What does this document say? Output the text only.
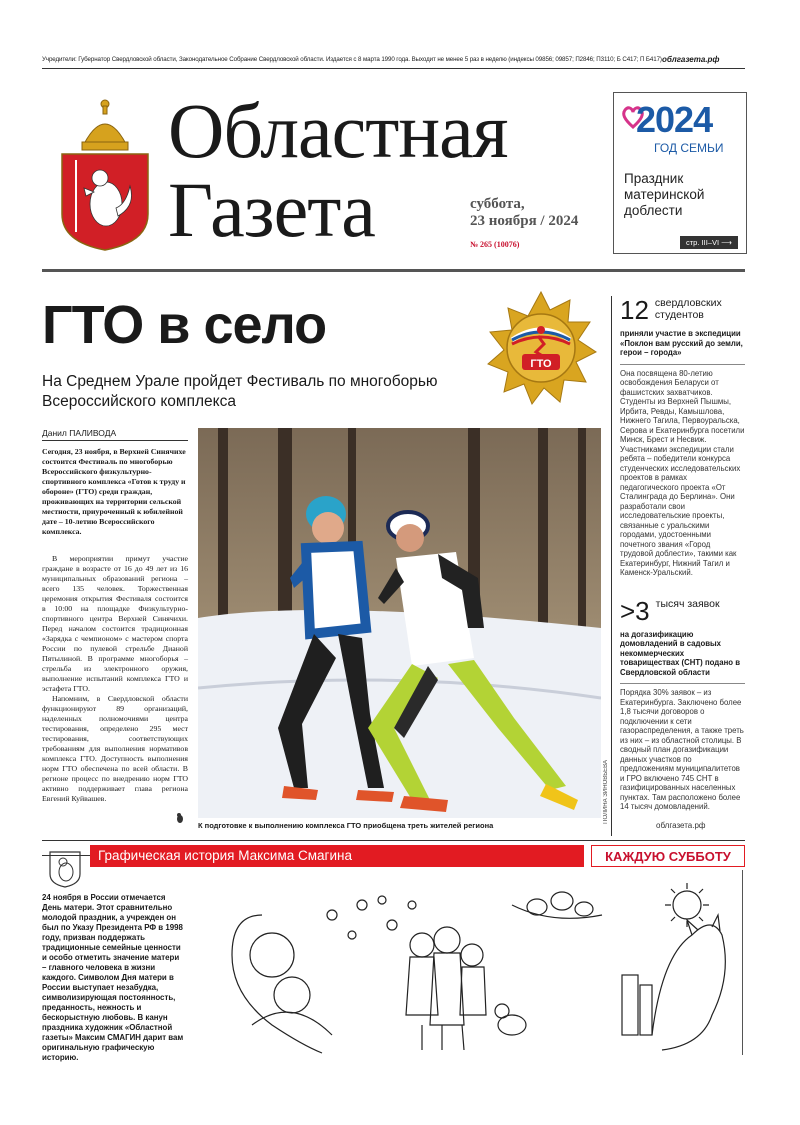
Учредители: Губернатор Свердловской области, Законодательное Собрание Свердловской области. Издается с 8 марта 1990 года. Выходит не менее 5 раз в неделю (индексы 09856; 09857; П2846; П3110; Б С417; П Б417) облгазета.рф
Областная
Газета	суббота,
23 ноября / 2024
№ 265 (10076)
2024
ГОД СЕМЬИ
Праздник
материнской
доблести
стр. III–VI ⟶
ГТО в село
На Среднем Урале пройдет Фестиваль по многоборью Всероссийского комплекса
ГТО
Данил ПАЛИВОДА
Сегодня, 23 ноября, в Верхней Синячихе состоится Фестиваль по многоборью Всероссийского физкультурно-спортивного комплекса «Готов к труду и обороне» (ГТО) среди граждан, проживающих на территории сельской местности, приуроченный к юбилейной дате – 10-летию Всероссийского комплекса.

В мероприятии примут участие граждане в возрасте от 16 до 49 лет из 16 муниципальных образований региона – всего 135 человек. Торжественная церемония открытия Фестиваля состоится в 10:00 на площадке Физкультурно-спортивного центра Верхней Синячихи. Перед началом состоится традиционная «Зарядка с чемпионом» с мастером спорта России по пулевой стрельбе Дианой Пятылиной. В программе многоборья – стрельба из электронного оружия, выполнение испытаний комплекса ГТО и эстафета ГТО.

Напомним, в Свердловской области функционируют 89 организаций, наделенных полномочиями центра тестирования, определено 295 мест тестирования, соответствующих требованиям для выполнения нормативов комплекса ГТО. Доступность выполнения норм ГТО обеспечена по всей области. В регионе процесс по внедрению норм ГТО активно поддерживает глава региона Евгений Куйвашев.	ПОЛИНА ЗИНОВЬЕВА
К подготовке к выполнению комплекса ГТО приобщена треть жителей региона
12 свердловских студентов
приняли участие в экспедиции «Поклон вам русский до земли, герои – города»
Она посвящена 80-летию освобождения Беларуси от фашистских захватчиков. Студенты из Верхней Пышмы, Ирбита, Ревды, Камышлова, Нижнего Тагила, Первоуральска, Серова и Екатеринбурга посетили Минск, Брест и Несвиж. Участниками экспедиции стали ребята – победители конкурса студенческих исследовательских проектов в рамках педагогического проекта «От Сталинграда до Берлина». Они разработали свои исследовательские проекты, связанные с уральскими городами, удостоенными почетного звания «Город трудовой доблести», такими как Екатеринбург, Нижний Тагил и Каменск-Уральский.
>3 тысяч заявок
на догазификацию домовладений в садовых некоммерческих товариществах (СНТ) подано в Свердловской области
Порядка 30% заявок – из Екатеринбурга. Заключено более 1,8 тысячи договоров о подключении к сети газораспределения, а также треть из них – из областной столицы. В сводный план догазификации данных участков по предложениям муниципалитетов и ГРО включено 745 СНТ в газифицированных населенных пунктах. Там расположено более 14 тысяч домовладений.
облгазета.рф
Графическая история Максима Смагина	КАЖДУЮ СУББОТУ
24 ноября в России отмечается День матери. Этот сравнительно молодой праздник, а учрежден он был по Указу Президента РФ в 1998 году, призван поддержать традиционные семейные ценности и особо отметить значение матери – главного человека в жизни каждого. Символом Дня матери в России выступает незабудка, символизирующая постоянность, преданность, нежность и бескорыстную любовь. В канун праздника художник «Областной газеты» Максим СМАГИН дарит вам оригинальную графическую историю.
